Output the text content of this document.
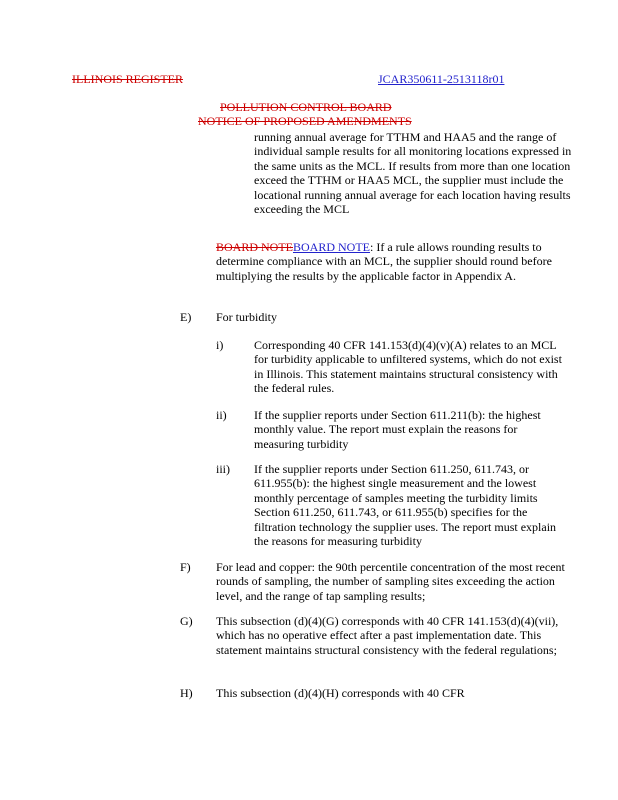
ILLINOIS REGISTER	JCAR350611-2513118r01
POLLUTION CONTROL BOARD
NOTICE OF PROPOSED AMENDMENTS

running annual average for TTHM and HAA5 and the range of individual sample results for all monitoring locations expressed in the same units as the MCL. If results from more than one location exceed the TTHM or HAA5 MCL, the supplier must include the locational running annual average for each location having results exceeding the MCL

BOARD NOTEBOARD NOTE: If a rule allows rounding results to determine compliance with an MCL, the supplier should round before multiplying the results by the applicable factor in Appendix A.
E) For turbidity
i)	Corresponding 40 CFR 141.153(d)(4)(v)(A) relates to an MCL for turbidity applicable to unfiltered systems, which do not exist in Illinois. This statement maintains structural consistency with the federal rules.

ii) If the supplier reports under Section 611.211(b): the highest monthly value. The report must explain the reasons for measuring turbidity

iii) If the supplier reports under Section 611.250, 611.743, or 611.955(b): the highest single measurement and the lowest monthly percentage of samples meeting the turbidity limits Section 611.250, 611.743, or 611.955(b) specifies for the filtration technology the supplier uses. The report must explain the reasons for measuring turbidity

F) For lead and copper: the 90th percentile concentration of the most recent rounds of sampling, the number of sampling sites exceeding the action level, and the range of tap sampling results;

G) This subsection (d)(4)(G) corresponds with 40 CFR 141.153(d)(4)(vii), which has no operative effect after a past implementation date. This statement maintains structural consistency with the federal regulations;

H) This subsection (d)(4)(H) corresponds with 40 CFR
